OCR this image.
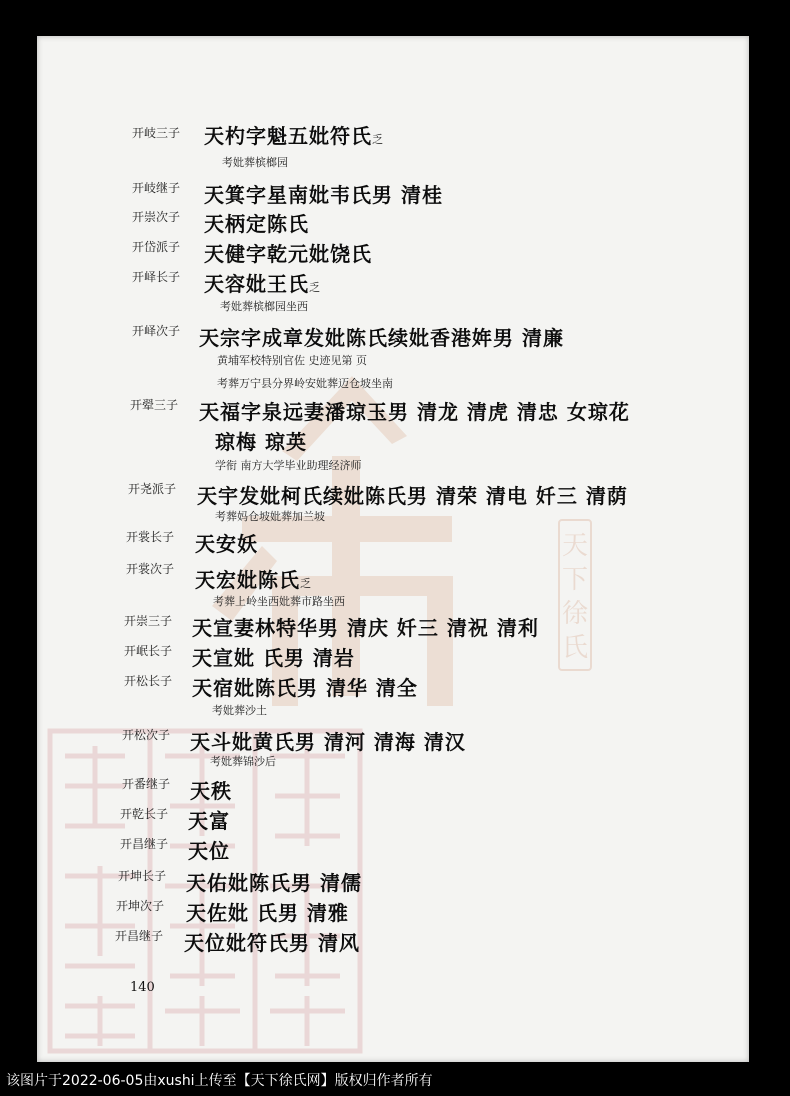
天
下
徐
氏
开岐三子 天杓字魁五妣符氏乏
考妣葬槟榔园
开岐继子 天箕字星南妣韦氏男 清桂
开崇次子 天柄定陈氏
开岱派子 天健字乾元妣饶氏
开峄长子 天容妣王氏乏
考妣葬槟榔园坐西
开峄次子 天宗字成章发妣陈氏续妣香港姩男 清廉
黄埔军校特别官佐 史迹见第 页
考葬万宁县分界岭安妣葬迈仓坡坐南
开翚三子 天福字泉远妻潘琼玉男 清龙 清虎 清忠 女琼花
琼梅 琼英
学衔 南方大学毕业助理经济师
开尧派子 天宇发妣柯氏续妣陈氏男 清荣 清电 奷三 清荫
考葬妈仓坡妣葬加兰坡
开裳长子 天安妖
开裳次子 天宏妣陈氏乏
考葬上岭坐西妣葬市路坐西
开崇三子 天宣妻林特华男 清庆 奷三 清祝 清利
开岷长子 天宣妣 氏男 清岩
开松长子 天宿妣陈氏男 清华 清全
考妣葬沙土
开松次子 天斗妣黄氏男 清河 清海 清汉
考妣葬锦沙后
开番继子 天秩
开乾长子 天富
开昌继子 天位
开坤长子 天佑妣陈氏男 清儒
开坤次子 天佐妣 氏男 清雅
开昌继子 天位妣符氏男 清风
140
该图片于2022-06-05由xushi上传至【天下徐氏网】版权归作者所有
